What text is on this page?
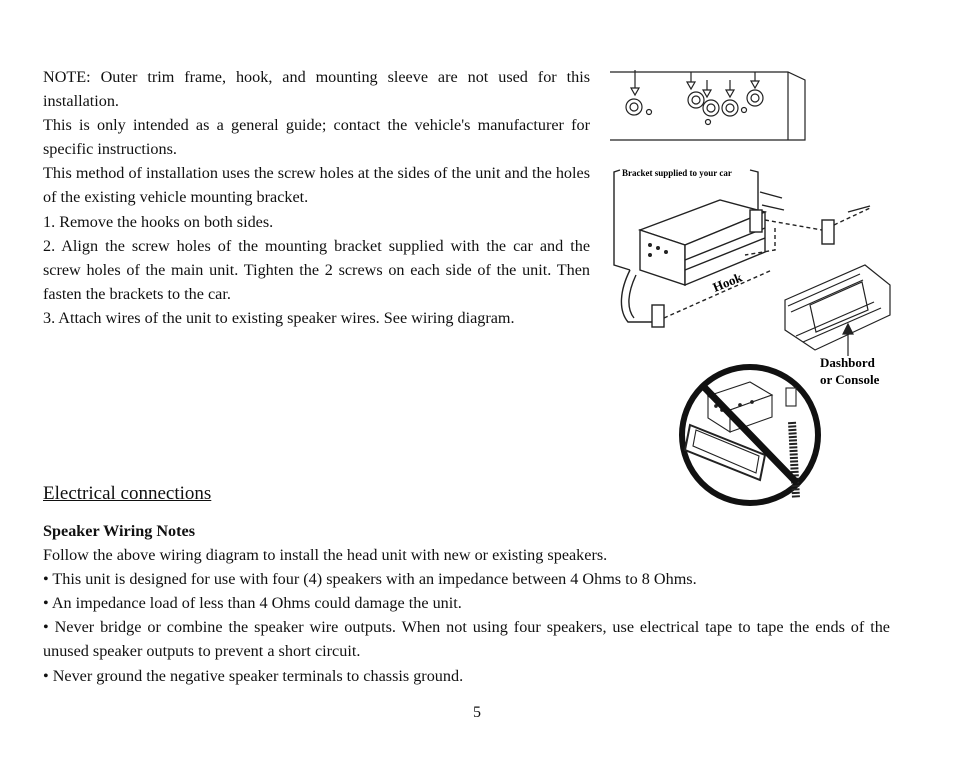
NOTE: Outer trim frame, hook, and mounting sleeve are not used for this installation.

This is only intended as a general guide; contact the vehicle's manufacturer for specific instructions.

This method of installation uses the screw holes at the sides of the unit and the holes of the existing vehicle mounting bracket.

1. Remove the hooks on both sides.

2. Align the screw holes of the mounting bracket supplied with the car and the screw holes of the main unit. Tighten the 2 screws on each side of the unit. Then fasten the brackets to the car.

3. Attach wires of the unit to existing speaker wires. See wiring diagram.

Bracket supplied to your car
Hook
Dashbord
or Console
Electrical connections

Speaker Wiring Notes

Follow the above wiring diagram to install the head unit with new or existing speakers.

• This unit is designed for use with four (4) speakers with an impedance between 4 Ohms to 8 Ohms.

• An impedance load of less than 4 Ohms could damage the unit.

• Never bridge or combine the speaker wire outputs. When not using four speakers, use electrical tape to tape the ends of the unused speaker outputs to prevent a short circuit.

• Never ground the negative speaker terminals to chassis ground.

5
